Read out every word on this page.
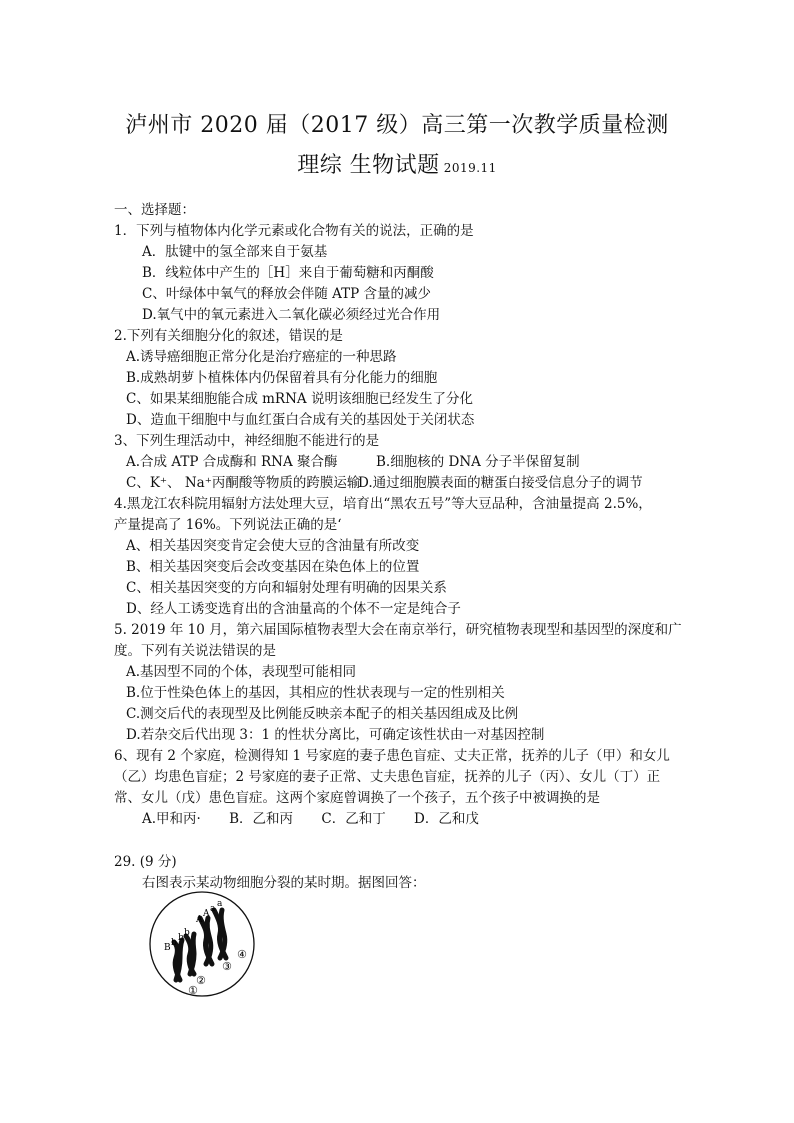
泸州市 2020 届（2017 级）高三第一次教学质量检测
理综 生物试题 2019.11
一、选择题：
1．下列与植物体内化学元素或化合物有关的说法，正确的是
A．肽键中的氢全部来自于氨基
B．线粒体中产生的［H］来自于葡萄糖和丙酮酸
C、叶绿体中氧气的释放会伴随 ATP 含量的减少
D.氧气中的氧元素进入二氧化碳必须经过光合作用
2.下列有关细胞分化的叙述，错误的是
A.诱导癌细胞正常分化是治疗癌症的一种思路
B.成熟胡萝卜植株体内仍保留着具有分化能力的细胞
C、如果某细胞能合成 mRNA 说明该细胞已经发生了分化
D、造血干细胞中与血红蛋白合成有关的基因处于关闭状态
3、下列生理活动中，神经细胞不能进行的是
A.合成 ATP 合成酶和 RNA 聚合酶	B.细胞核的 DNA 分子半保留复制
C、K⁺、 Na⁺丙酮酸等物质的跨膜运输
D.通过细胞膜表面的糖蛋白接受信息分子的调节
4.黑龙江农科院用辐射方法处理大豆，培育出“黑农五号”等大豆品种，含油量提高 2.5%，
产量提高了 16%。下列说法正确的是‘
A、相关基因突变肯定会使大豆的含油量有所改变
B、相关基因突变后会改变基因在染色体上的位置
C、相关基因突变的方向和辐射处理有明确的因果关系
D、经人工诱变选育出的含油量高的个体不一定是纯合子
5. 2019 年 10 月，第六届国际植物表型大会在南京举行，研究植物表现型和基因型的深度和广
度。下列有关说法错误的是
A.基因型不同的个体，表现型可能相同
B.位于性染色体上的基因，其相应的性状表现与一定的性别相关
C.测交后代的表现型及比例能反映亲本配子的相关基因组成及比例
D.若杂交后代出现 3：1 的性状分离比，可确定该性状由一对基因控制
6、现有 2 个家庭，检测得知 1 号家庭的妻子患色盲症、丈夫正常，抚养的儿子（甲）和女儿
（乙）均患色盲症；2 号家庭的妻子正常、丈夫患色盲症，抚养的儿子（丙）、女儿（丁）正
常、女儿（戊）患色盲症。这两个家庭曾调换了一个孩子，五个孩子中被调换的是
A.甲和丙· B．乙和丙 C．乙和丁 D．乙和戊
29. (9 分)
右图表示某动物细胞分裂的某时期。据图回答：
A
A a a
B b b b
①
②
③
④
